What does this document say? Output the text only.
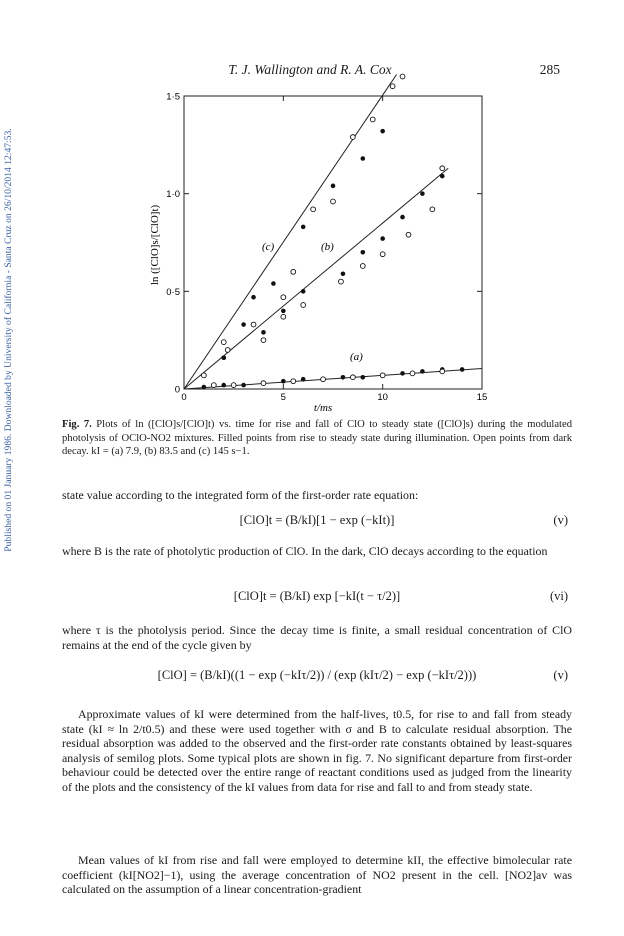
Published on 01 January 1986. Downloaded by University of California - Santa Cruz on 26/10/2014 12:47:53.
T. J. Wallington and R. A. Cox	285
0	5	10	15
0
0·5
1·0
1·5
ln ([ClO]s/[ClO]t)
t/ms
(c)	(b)
(a)
Fig. 7. Plots of ln ([ClO]s/[ClO]t) vs. time for rise and fall of ClO to steady state ([ClO]s) during the modulated photolysis of OClO-NO2 mixtures. Filled points from rise to steady state during illumination. Open points from dark decay. kI = (a) 7.9, (b) 83.5 and (c) 145 s−1.
state value according to the integrated form of the first-order rate equation:
[ClO]t = (B/kI)[1 − exp (−kIt)]	(v)
where B is the rate of photolytic production of ClO. In the dark, ClO decays according to the equation
[ClO]t = (B/kI) exp [−kI(t − τ/2)]	(vi)
where τ is the photolysis period. Since the decay time is finite, a small residual concentration of ClO remains at the end of the cycle given by
[ClO] = (B/kI)((1 − exp (−kIτ/2)) / (exp (kIτ/2) − exp (−kIτ/2)))	(v)
Approximate values of kI were determined from the half-lives, t0.5, for rise to and fall from steady state (kI ≈ ln 2/t0.5) and these were used together with σ and B to calculate residual absorption. The residual absorption was added to the observed and the first-order rate constants obtained by least-squares analysis of semilog plots. Some typical plots are shown in fig. 7. No significant departure from first-order behaviour could be detected over the entire range of reactant conditions used as judged from the linearity of the plots and the consistency of the kI values from data for rise and fall to and from steady state.
Mean values of kI from rise and fall were employed to determine kII, the effective bimolecular rate coefficient (kI[NO2]−1), using the average concentration of NO2 present in the cell. [NO2]av was calculated on the assumption of a linear concentration-gradient
